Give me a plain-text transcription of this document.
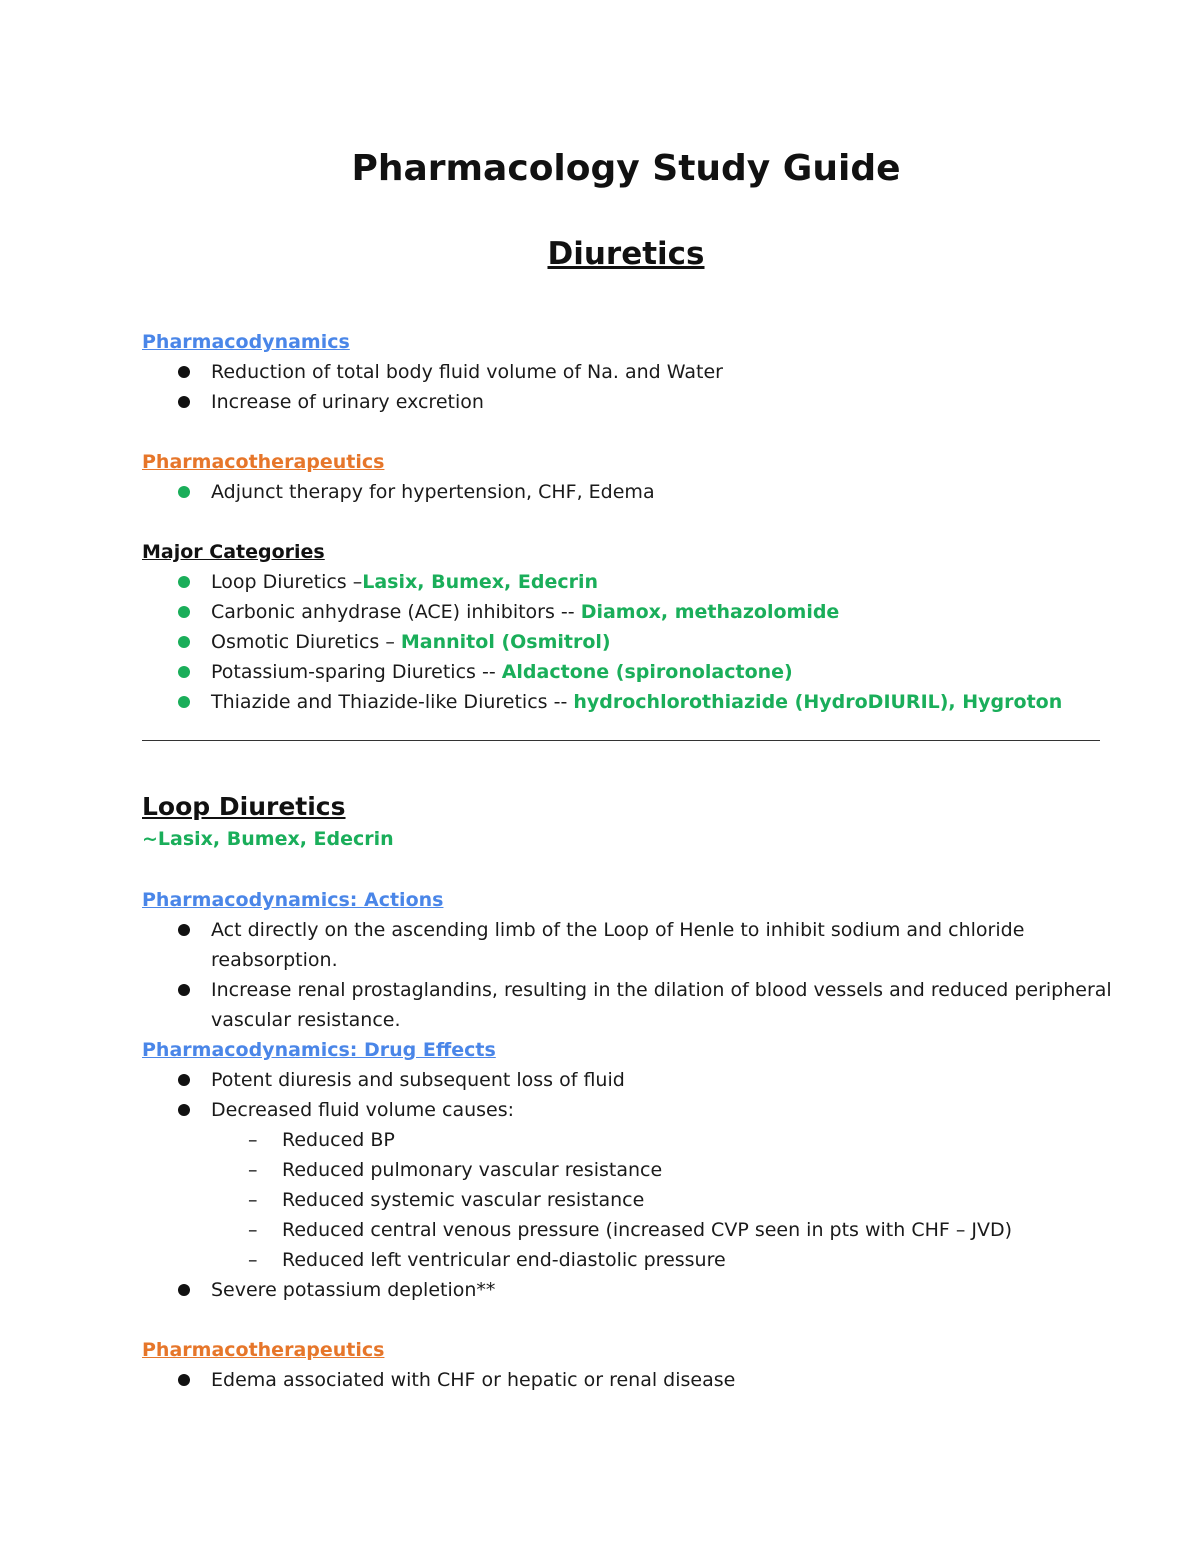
Pharmacology Study Guide
Diuretics
Pharmacodynamics
Reduction of total body fluid volume of Na. and Water
Increase of urinary excretion
Pharmacotherapeutics
Adjunct therapy for hypertension, CHF, Edema
Major Categories
Loop Diuretics –Lasix, Bumex, Edecrin
Carbonic anhydrase (ACE) inhibitors -- Diamox, methazolomide
Osmotic Diuretics – Mannitol (Osmitrol)
Potassium-sparing Diuretics -- Aldactone (spironolactone)
Thiazide and Thiazide-like Diuretics -- hydrochlorothiazide (HydroDIURIL), Hygroton
Loop Diuretics
~Lasix, Bumex, Edecrin
Pharmacodynamics: Actions
Act directly on the ascending limb of the Loop of Henle to inhibit sodium and chloride reabsorption.
Increase renal prostaglandins, resulting in the dilation of blood vessels and reduced peripheral vascular resistance.
Pharmacodynamics: Drug Effects
Potent diuresis and subsequent loss of fluid
Decreased fluid volume causes:
– Reduced BP
– Reduced pulmonary vascular resistance
– Reduced systemic vascular resistance
– Reduced central venous pressure (increased CVP seen in pts with CHF – JVD)
– Reduced left ventricular end-diastolic pressure
Severe potassium depletion**
Pharmacotherapeutics
Edema associated with CHF or hepatic or renal disease
